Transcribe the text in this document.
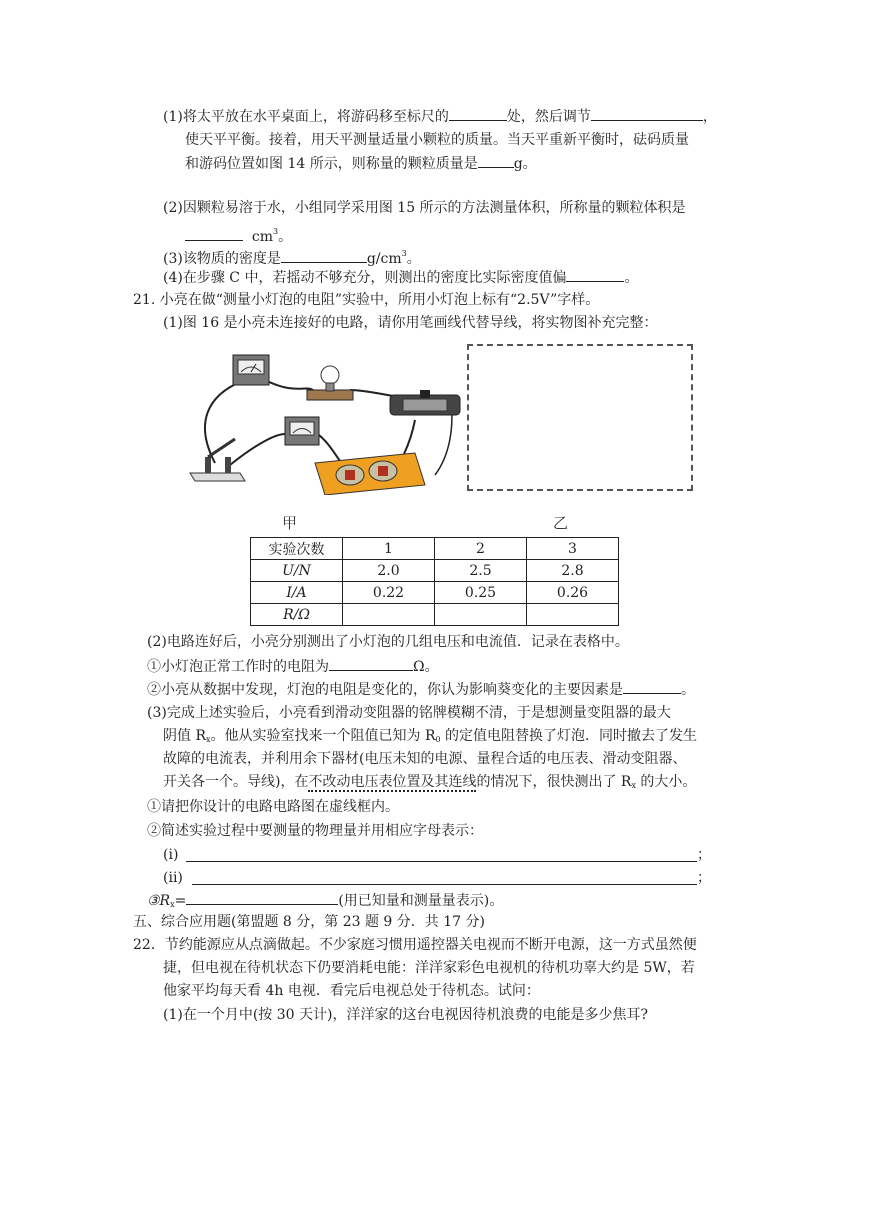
(1)将太平放在水平桌面上，将游码移至标尺的	处，然后调节	，
使天平平衡。接着，用天平测量适量小颗粒的质量。当天平重新平衡时，砝码质量
和游码位置如图 14 所示，则称量的颗粒质量是	g。
(2)因颗粒易溶于水，小组同学采用图 15 所示的方法测量体积，所称量的颗粒体积是
$cm^3$。
(3)该物质的密度是	$g/cm^3$。
(4)在步骤 C 中，若摇动不够充分，则测出的密度比实际密度值偏	。
21. 小亮在做“测量小灯泡的电阻”实验中，所用小灯泡上标有“2.5V”字样。
(1)图 16 是小亮未连接好的电路，请你用笔画线代替导线，将实物图补充完整：
甲	乙
实验次数	1	2	3
U/N	2.0	2.5	2.8
I/A	0.22	0.25	0.26
R/Ω			
(2)电路连好后，小亮分别测出了小灯泡的几组电压和电流值．记录在表格中。
①小灯泡正常工作时的电阻为	Ω。
②小亮从数据中发现，灯泡的电阻是变化的，你认为影响葵变化的主要因素是	。
(3)完成上述实验后，小亮看到滑动变阻器的铭牌模糊不清，于是想测量变阻器的最大
阴值 $R_x$。他从实验室找来一个阻值已知为 $R_0$ 的定值电阻替换了灯泡．同时撤去了发生
故障的电流表，并利用余下器材(电压未知的电源、量程合适的电压表、滑动变阻器、
开关各一个。导线)，在不改动电压表位置及其连线的情况下，很快测出了 $R_x$ 的大小。
①请把你设计的电路电路图在虚线框内。
②简述实验过程中要测量的物理量并用相应字母表示：
(i)	；
(ii)	；
$③R_x=$	(用已知量和测量量表示)。
五、综合应用题(第盟题 8 分，第 23 题 9 分．共 17 分)
22．节约能源应从点滴做起。不少家庭习惯用遥控器关电视而不断开电源，这一方式虽然便
捷，但电视在待机状态下仍要消耗电能：洋洋家彩色电视机的待机功辜大约是 5W，若
他家平均每天看 4h 电视．看完后电视总处于待机态。试问：
(1)在一个月中(按 30 天计)，洋洋家的这台电视因待机浪费的电能是多少焦耳?
